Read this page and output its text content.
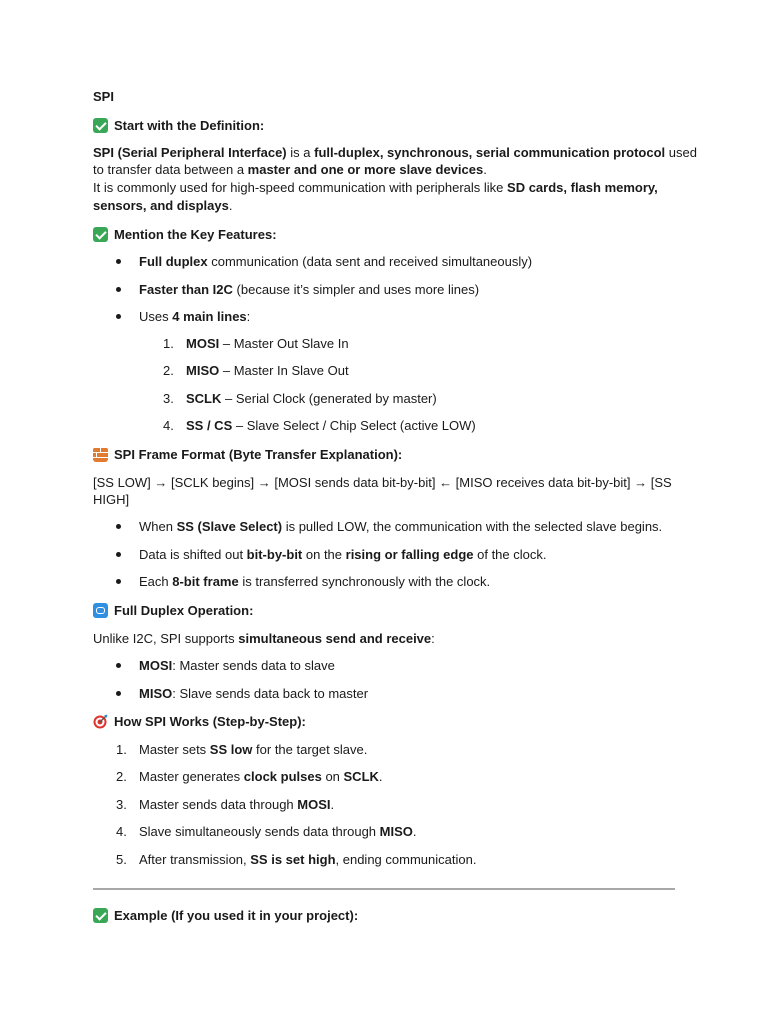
SPI
Start with the Definition:
SPI (Serial Peripheral Interface) is a full-duplex, synchronous, serial communication protocol used
to transfer data between a master and one or more slave devices.
It is commonly used for high-speed communication with peripherals like SD cards, flash memory,
sensors, and displays.
Mention the Key Features:
Full duplex communication (data sent and received simultaneously)
Faster than I2C (because it’s simpler and uses more lines)
Uses 4 main lines:
1. MOSI – Master Out Slave In
2. MISO – Master In Slave Out
3. SCLK – Serial Clock (generated by master)
4. SS / CS – Slave Select / Chip Select (active LOW)
SPI Frame Format (Byte Transfer Explanation):
[SS LOW] → [SCLK begins] → [MOSI sends data bit-by-bit] ← [MISO receives data bit-by-bit] → [SS
HIGH]
When SS (Slave Select) is pulled LOW, the communication with the selected slave begins.
Data is shifted out bit-by-bit on the rising or falling edge of the clock.
Each 8-bit frame is transferred synchronously with the clock.
Full Duplex Operation:
Unlike I2C, SPI supports simultaneous send and receive:
MOSI: Master sends data to slave
MISO: Slave sends data back to master
How SPI Works (Step-by-Step):
1. Master sets SS low for the target slave.
2. Master generates clock pulses on SCLK.
3. Master sends data through MOSI.
4. Slave simultaneously sends data through MISO.
5. After transmission, SS is set high, ending communication.
Example (If you used it in your project):
